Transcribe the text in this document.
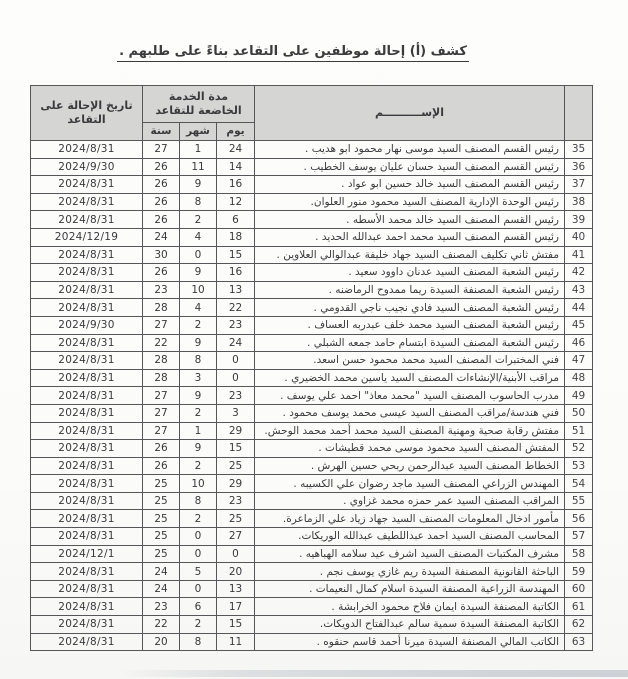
كشف (أ) إحالة موظفين على التقاعد بناءً على طلبهم .
	الإســــــــــم	مدة الخدمة
الخاضعة للتقاعد			تاريخ الإحالة على التقاعد
		يوم	شهر	سنة	
35	رئيس القسم المصنف السيد موسى نهار محمود ابو هديب .	24	1	27	2024/8/31
36	رئيس القسم المصنف السيد حسان عليان يوسف الخطيب .	14	11	26	2024/9/30
37	رئيس القسم المصنف السيد خالد حسين ابو عواد .	16	9	26	2024/8/31
38	رئيس الوحدة الإدارية المصنف السيد محمود منور العلوان.	12	8	26	2024/8/31
39	رئيس القسم المصنف السيد خالد محمد الأسطه .	6	2	26	2024/8/31
40	رئيس القسم المصنف السيد محمد احمد عبدالله الحديد .	18	4	24	2024/12/19
41	مفتش ثاني تكليف المصنف السيد جهاد خليفة عبدالوالي العلاوين .	15	0	30	2024/8/31
42	رئيس الشعبة المصنف السيد عدنان داوود سعيد .	16	9	26	2024/8/31
43	رئيس الشعبة المصنفة السيدة ريما ممدوح الرماضنه .	13	10	23	2024/8/31
44	رئيس الشعبة المصنف السيد فادي نجيب ناجي القدومي .	22	4	28	2024/8/31
45	رئيس الشعبة المصنف السيد محمد خلف عبدربه العساف .	23	2	27	2024/9/30
46	رئيس الشعبة المصنف السيدة ابتسام حامد جمعه الشبلي .	24	9	22	2024/8/31
47	فني المختبرات المصنف السيد محمد محمود حسن اسعد.	0	8	28	2024/8/31
48	مراقب الأبنية/الإنشاءات المصنف السيد ياسين محمد الخضيري .	0	3	28	2024/8/31
49	مدرب الحاسوب المصنف السيد "محمد معاذ" احمد علي يوسف .	23	9	27	2024/8/31
50	فني هندسة/مراقب المصنف السيد عيسى محمد يوسف محمود .	3	2	27	2024/8/31
51	مفتش رقابة صحية ومهنية المصنف السيد محمد أحمد محمد الوحش.	29	1	27	2024/8/31
52	المفتش المصنف السيد محمود موسى محمد قطيشات .	15	9	26	2024/8/31
53	الخطاط المصنف السيد عبدالرحمن ربحي حسين الهرش .	25	2	26	2024/8/31
54	المهندس الزراعي المصنف السيد ماجد رضوان علي الكسيبه .	29	10	25	2024/8/31
55	المراقب المصنف السيد عمر حمزه محمد غزاوي .	23	8	25	2024/8/31
56	مأمور ادخال المعلومات المصنف السيد جهاد زياد علي الزماعرة.	25	2	25	2024/8/31
57	المحاسب المصنف السيد احمد عبداللطيف عبدالله الوريكات.	27	0	25	2024/8/31
58	مشرف المكتبات المصنف السيد اشرف عيد سلامه الهباهيه .	0	0	25	2024/12/1
59	الباحثة القانونية المصنفة السيدة ريم غازي يوسف نجم .	20	5	24	2024/8/31
60	المهندسة الزراعية المصنفة السيدة اسلام كمال النعيمات .	13	0	24	2024/8/31
61	الكاتبة المصنفة السيدة ايمان فلاح محمود الخرابشة .	17	6	23	2024/8/31
62	الكاتبة المصنفة السيدة سمية سالم عبدالفتاح الدويكات.	15	2	22	2024/8/31
63	الكاتب المالي المصنفة السيدة ميرنا أحمد قاسم حنقوه .	11	8	20	2024/8/31
